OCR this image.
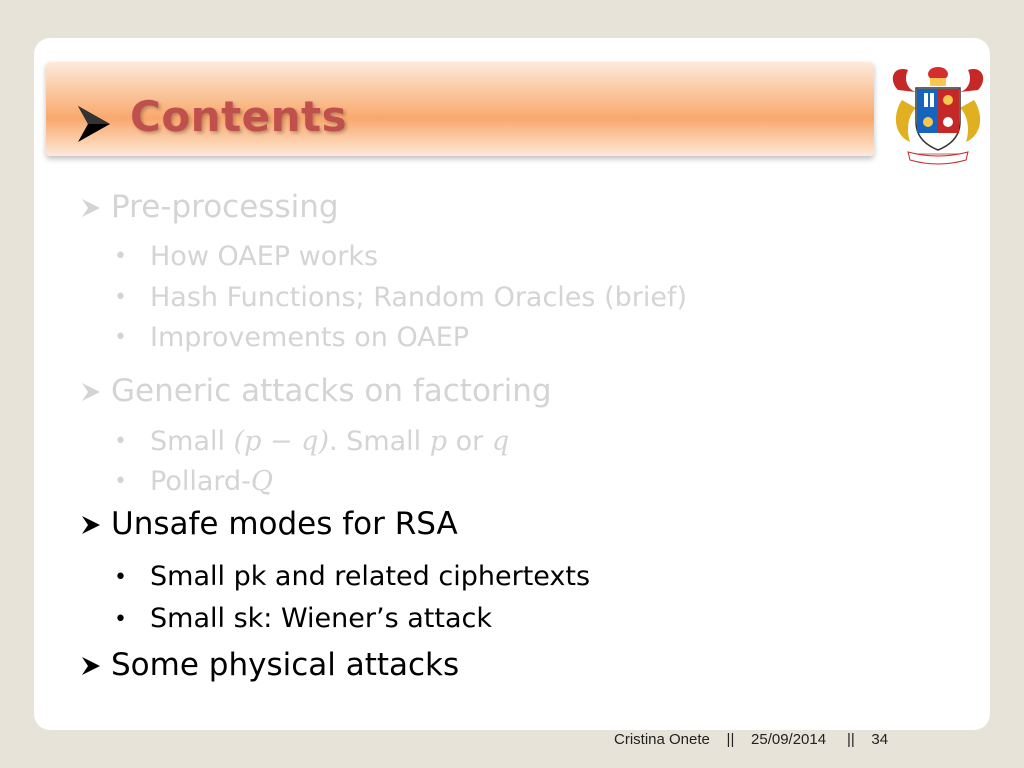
Contents
Pre-processing
• How OAEP works
• Hash Functions; Random Oracles (brief)
• Improvements on OAEP
Generic attacks on factoring
• Small (p − q). Small p or q
• Pollard-Q
Unsafe modes for RSA
• Small pk and related ciphertexts
• Small sk: Wiener’s attack
Some physical attacks
Cristina Onete || 25/09/2014 || 34
